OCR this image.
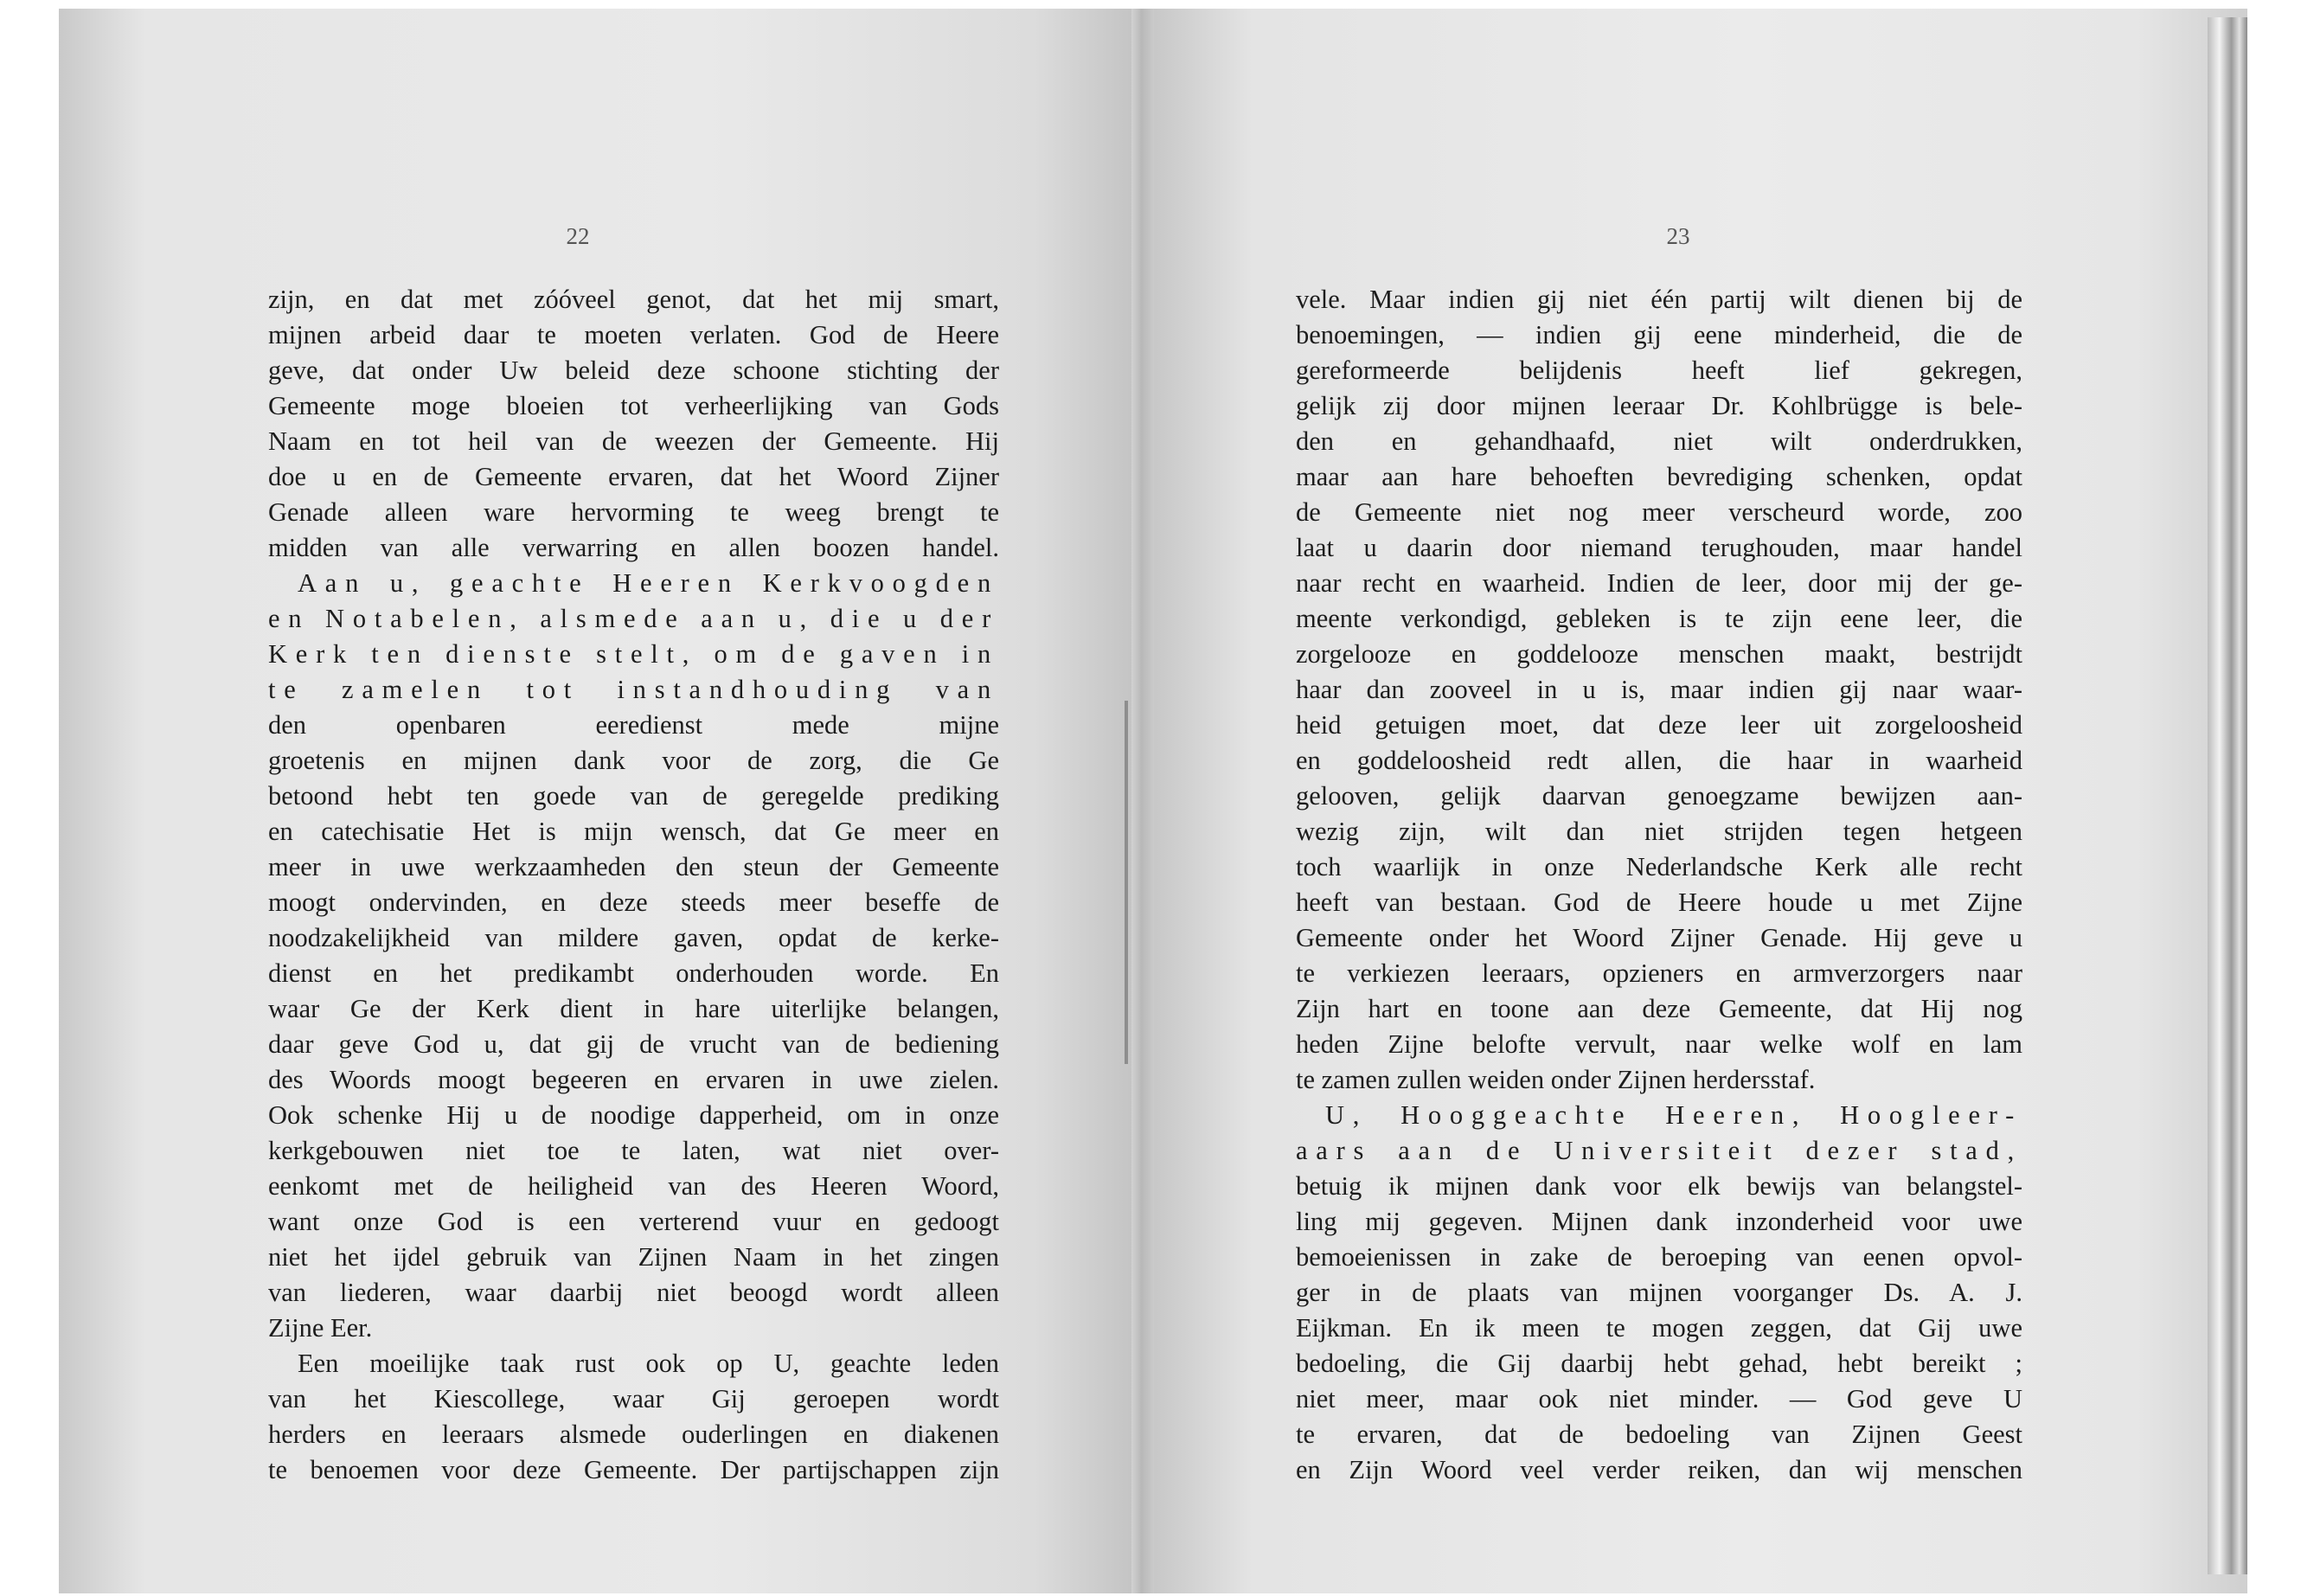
22
zijn, en dat met zóóveel genot, dat het mij smart,
mijnen arbeid daar te moeten verlaten. God de Heere
geve, dat onder Uw beleid deze schoone stichting der
Gemeente moge bloeien tot verheerlijking van Gods
Naam en tot heil van de weezen der Gemeente. Hij
doe u en de Gemeente ervaren, dat het Woord Zijner
Genade alleen ware hervorming te weeg brengt te
midden van alle verwarring en allen boozen handel.
Aan u, geachte Heeren Kerkvoogden
en Notabelen, alsmede aan u, die u der
Kerk ten dienste stelt, om de gaven in
te zamelen tot instandhouding van
den openbaren eeredienst mede mijne
groetenis en mijnen dank voor de zorg, die Ge
betoond hebt ten goede van de geregelde prediking
en catechisatie Het is mijn wensch, dat Ge meer en
meer in uwe werkzaamheden den steun der Gemeente
moogt ondervinden, en deze steeds meer beseffe de
noodzakelijkheid van mildere gaven, opdat de kerke-
dienst en het predikambt onderhouden worde. En
waar Ge der Kerk dient in hare uiterlijke belangen,
daar geve God u, dat gij de vrucht van de bediening
des Woords moogt begeeren en ervaren in uwe zielen.
Ook schenke Hij u de noodige dapperheid, om in onze
kerkgebouwen niet toe te laten, wat niet over-
eenkomt met de heiligheid van des Heeren Woord,
want onze God is een verterend vuur en gedoogt
niet het ijdel gebruik van Zijnen Naam in het zingen
van liederen, waar daarbij niet beoogd wordt alleen
Zijne Eer.
Een moeilijke taak rust ook op U, geachte leden
van het Kiescollege, waar Gij geroepen wordt
herders en leeraars alsmede ouderlingen en diakenen
te benoemen voor deze Gemeente. Der partijschappen zijn
23
vele. Maar indien gij niet één partij wilt dienen bij de
benoemingen, — indien gij eene minderheid, die de
gereformeerde belijdenis heeft lief gekregen,
gelijk zij door mijnen leeraar Dr. Kohlbrügge is bele-
den en gehandhaafd, niet wilt onderdrukken,
maar aan hare behoeften bevrediging schenken, opdat
de Gemeente niet nog meer verscheurd worde, zoo
laat u daarin door niemand terughouden, maar handel
naar recht en waarheid. Indien de leer, door mij der ge-
meente verkondigd, gebleken is te zijn eene leer, die
zorgelooze en goddelooze menschen maakt, bestrijdt
haar dan zooveel in u is, maar indien gij naar waar-
heid getuigen moet, dat deze leer uit zorgeloosheid
en goddeloosheid redt allen, die haar in waarheid
gelooven, gelijk daarvan genoegzame bewijzen aan-
wezig zijn, wilt dan niet strijden tegen hetgeen
toch waarlijk in onze Nederlandsche Kerk alle recht
heeft van bestaan. God de Heere houde u met Zijne
Gemeente onder het Woord Zijner Genade. Hij geve u
te verkiezen leeraars, opzieners en armverzorgers naar
Zijn hart en toone aan deze Gemeente, dat Hij nog
heden Zijne belofte vervult, naar welke wolf en lam
te zamen zullen weiden onder Zijnen herdersstaf.
U, Hooggeachte Heeren, Hoogleer-
aars aan de Universiteit dezer stad,
betuig ik mijnen dank voor elk bewijs van belangstel-
ling mij gegeven. Mijnen dank inzonderheid voor uwe
bemoeienissen in zake de beroeping van eenen opvol-
ger in de plaats van mijnen voorganger Ds. A. J.
Eijkman. En ik meen te mogen zeggen, dat Gij uwe
bedoeling, die Gij daarbij hebt gehad, hebt bereikt ;
niet meer, maar ook niet minder. — God geve U
te ervaren, dat de bedoeling van Zijnen Geest
en Zijn Woord veel verder reiken, dan wij menschen
